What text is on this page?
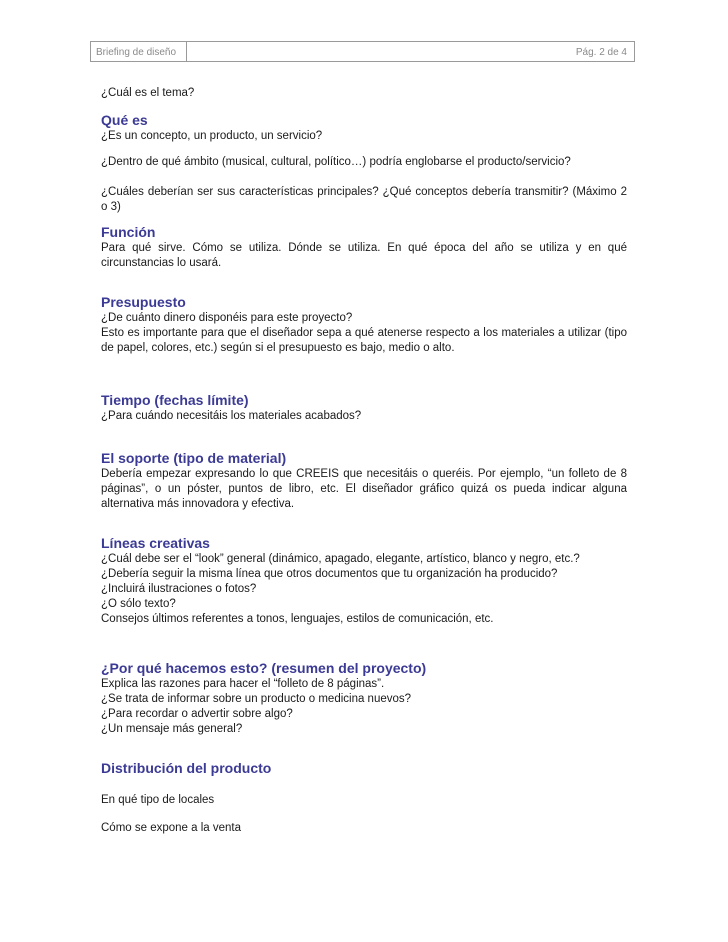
Briefing de diseño	Pág. 2 de 4

¿Cuál es el tema?

Qué es

¿Es un concepto, un producto, un servicio?

¿Dentro de qué ámbito (musical, cultural, político…) podría englobarse el producto/servicio?

¿Cuáles deberían ser sus características principales? ¿Qué conceptos debería transmitir? (Máximo 2 o 3)

Función

Para qué sirve. Cómo se utiliza. Dónde se utiliza. En qué época del año se utiliza y en qué circunstancias lo usará.

Presupuesto

¿De cuánto dinero disponéis para este proyecto?

Esto es importante para que el diseñador sepa a qué atenerse respecto a los materiales a utilizar (tipo de papel, colores, etc.) según si el presupuesto es bajo, medio o alto.

Tiempo (fechas límite)

¿Para cuándo necesitáis los materiales acabados?

El soporte (tipo de material)

Debería empezar expresando lo que CREEIS que necesitáis o queréis. Por ejemplo, “un folleto de 8 páginas”, o un póster, puntos de libro, etc. El diseñador gráfico quizá os pueda indicar alguna alternativa más innovadora y efectiva.

Líneas creativas

¿Cuál debe ser el “look” general (dinámico, apagado, elegante, artístico, blanco y negro, etc.?

¿Debería seguir la misma línea que otros documentos que tu organización ha producido?

¿Incluirá ilustraciones o fotos?

¿O sólo texto?

Consejos últimos referentes a tonos, lenguajes, estilos de comunicación, etc.

¿Por qué hacemos esto? (resumen del proyecto)

Explica las razones para hacer el “folleto de 8 páginas”.

¿Se trata de informar sobre un producto o medicina nuevos?

¿Para recordar o advertir sobre algo?

¿Un mensaje más general?

Distribución del producto

En qué tipo de locales

Cómo se expone a la venta
